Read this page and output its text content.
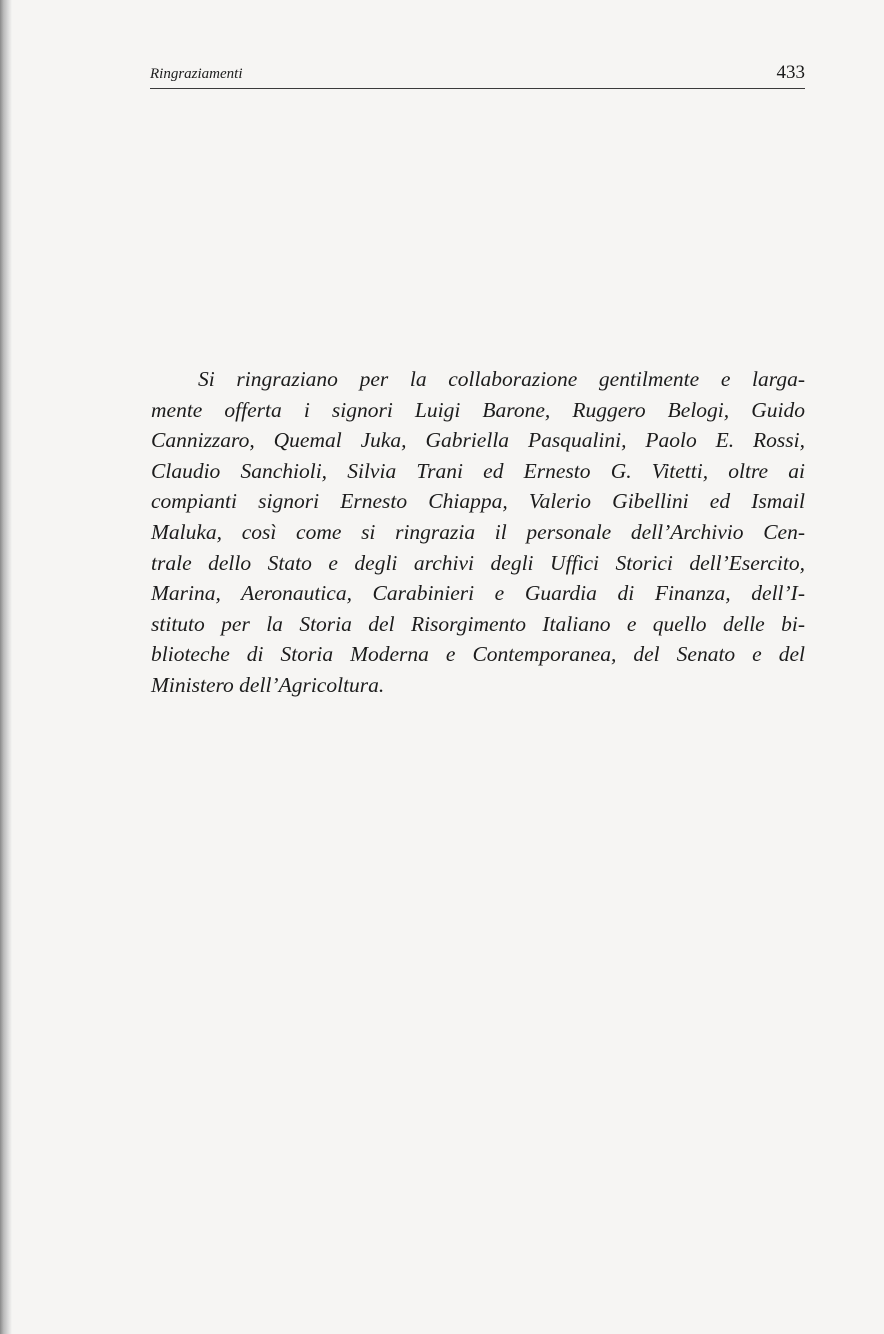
Ringraziamenti	433

Si ringraziano per la collaborazione gentilmente e larga-
mente offerta i signori Luigi Barone, Ruggero Belogi, Guido
Cannizzaro, Quemal Juka, Gabriella Pasqualini, Paolo E. Rossi,
Claudio Sanchioli, Silvia Trani ed Ernesto G. Vitetti, oltre ai
compianti signori Ernesto Chiappa, Valerio Gibellini ed Ismail
Maluka, così come si ringrazia il personale dell’Archivio Cen-
trale dello Stato e degli archivi degli Uffici Storici dell’Esercito,
Marina, Aeronautica, Carabinieri e Guardia di Finanza, dell’I-
stituto per la Storia del Risorgimento Italiano e quello delle bi-
blioteche di Storia Moderna e Contemporanea, del Senato e del
Ministero dell’Agricoltura.
